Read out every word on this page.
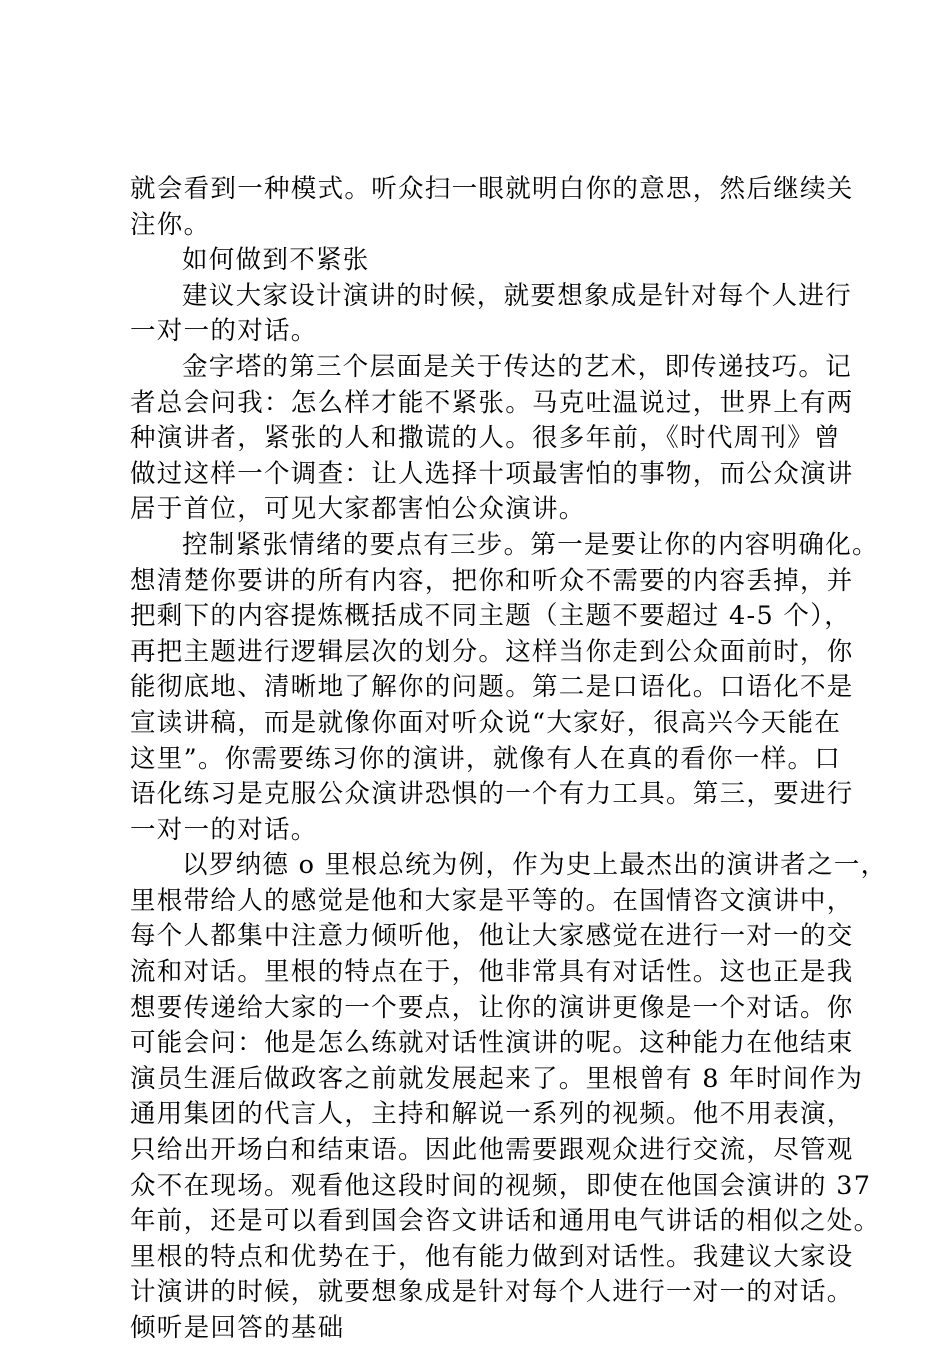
就会看到一种模式。听众扫一眼就明白你的意思，然后继续关
注你。
如何做到不紧张
建议大家设计演讲的时候，就要想象成是针对每个人进行
一对一的对话。
金字塔的第三个层面是关于传达的艺术，即传递技巧。记
者总会问我：怎么样才能不紧张。马克吐温说过，世界上有两
种演讲者，紧张的人和撒谎的人。很多年前，《时代周刊》曾
做过这样一个调查：让人选择十项最害怕的事物，而公众演讲
居于首位，可见大家都害怕公众演讲。
控制紧张情绪的要点有三步。第一是要让你的内容明确化。
想清楚你要讲的所有内容，把你和听众不需要的内容丢掉，并
把剩下的内容提炼概括成不同主题（主题不要超过 4-5 个），
再把主题进行逻辑层次的划分。这样当你走到公众面前时，你
能彻底地、清晰地了解你的问题。第二是口语化。口语化不是
宣读讲稿，而是就像你面对听众说“大家好，很高兴今天能在
这里”。你需要练习你的演讲，就像有人在真的看你一样。口
语化练习是克服公众演讲恐惧的一个有力工具。第三，要进行
一对一的对话。
以罗纳德 o 里根总统为例，作为史上最杰出的演讲者之一，
里根带给人的感觉是他和大家是平等的。在国情咨文演讲中，
每个人都集中注意力倾听他，他让大家感觉在进行一对一的交
流和对话。里根的特点在于，他非常具有对话性。这也正是我
想要传递给大家的一个要点，让你的演讲更像是一个对话。你
可能会问：他是怎么练就对话性演讲的呢。这种能力在他结束
演员生涯后做政客之前就发展起来了。里根曾有 8 年时间作为
通用集团的代言人，主持和解说一系列的视频。他不用表演，
只给出开场白和结束语。因此他需要跟观众进行交流，尽管观
众不在现场。观看他这段时间的视频，即使在他国会演讲的 37
年前，还是可以看到国会咨文讲话和通用电气讲话的相似之处。
里根的特点和优势在于，他有能力做到对话性。我建议大家设
计演讲的时候，就要想象成是针对每个人进行一对一的对话。
倾听是回答的基础
